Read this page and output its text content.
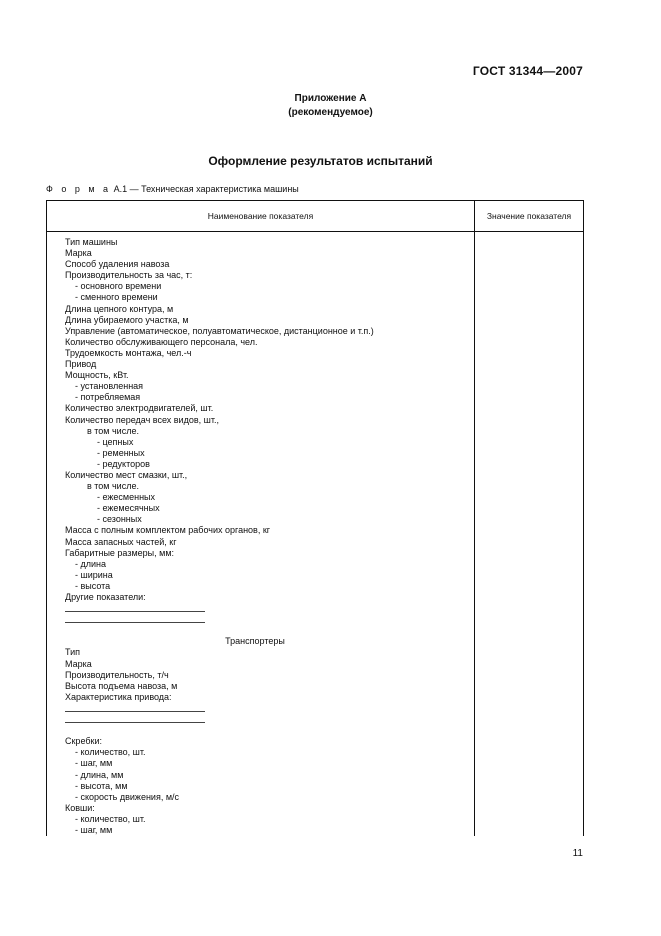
ГОСТ 31344—2007
Приложение А
(рекомендуемое)
Оформление результатов испытаний
Ф о р м а А.1 — Техническая характеристика машины
Наименование показателя	Значение показателя
Тип машины
Марка
Способ удаления навоза
Производительность за час, т:
- основного времени
- сменного времени
Длина цепного контура, м
Длина убираемого участка, м
Управление (автоматическое, полуавтоматическое, дистанционное и т.п.)
Количество обслуживающего персонала, чел.
Трудоемкость монтажа, чел.-ч
Привод
Мощность, кВт.
- установленная
- потребляемая
Количество электродвигателей, шт.
Количество передач всех видов, шт.,
в том числе.
- цепных
- ременных
- редукторов
Количество мест смазки, шт.,
в том числе.
- ежесменных
- ежемесячных
- сезонных
Масса с полным комплектом рабочих органов, кг
Масса запасных частей, кг
Габаритные размеры, мм:
- длина
- ширина
- высота
Другие показатели:
Транспортеры
Тип
Марка
Производительность, т/ч
Высота подъема навоза, м
Характеристика привода:
Скребки:
- количество, шт.
- шаг, мм
- длина, мм
- высота, мм
- скорость движения, м/с
Ковши:
- количество, шт.
- шаг, мм
11
